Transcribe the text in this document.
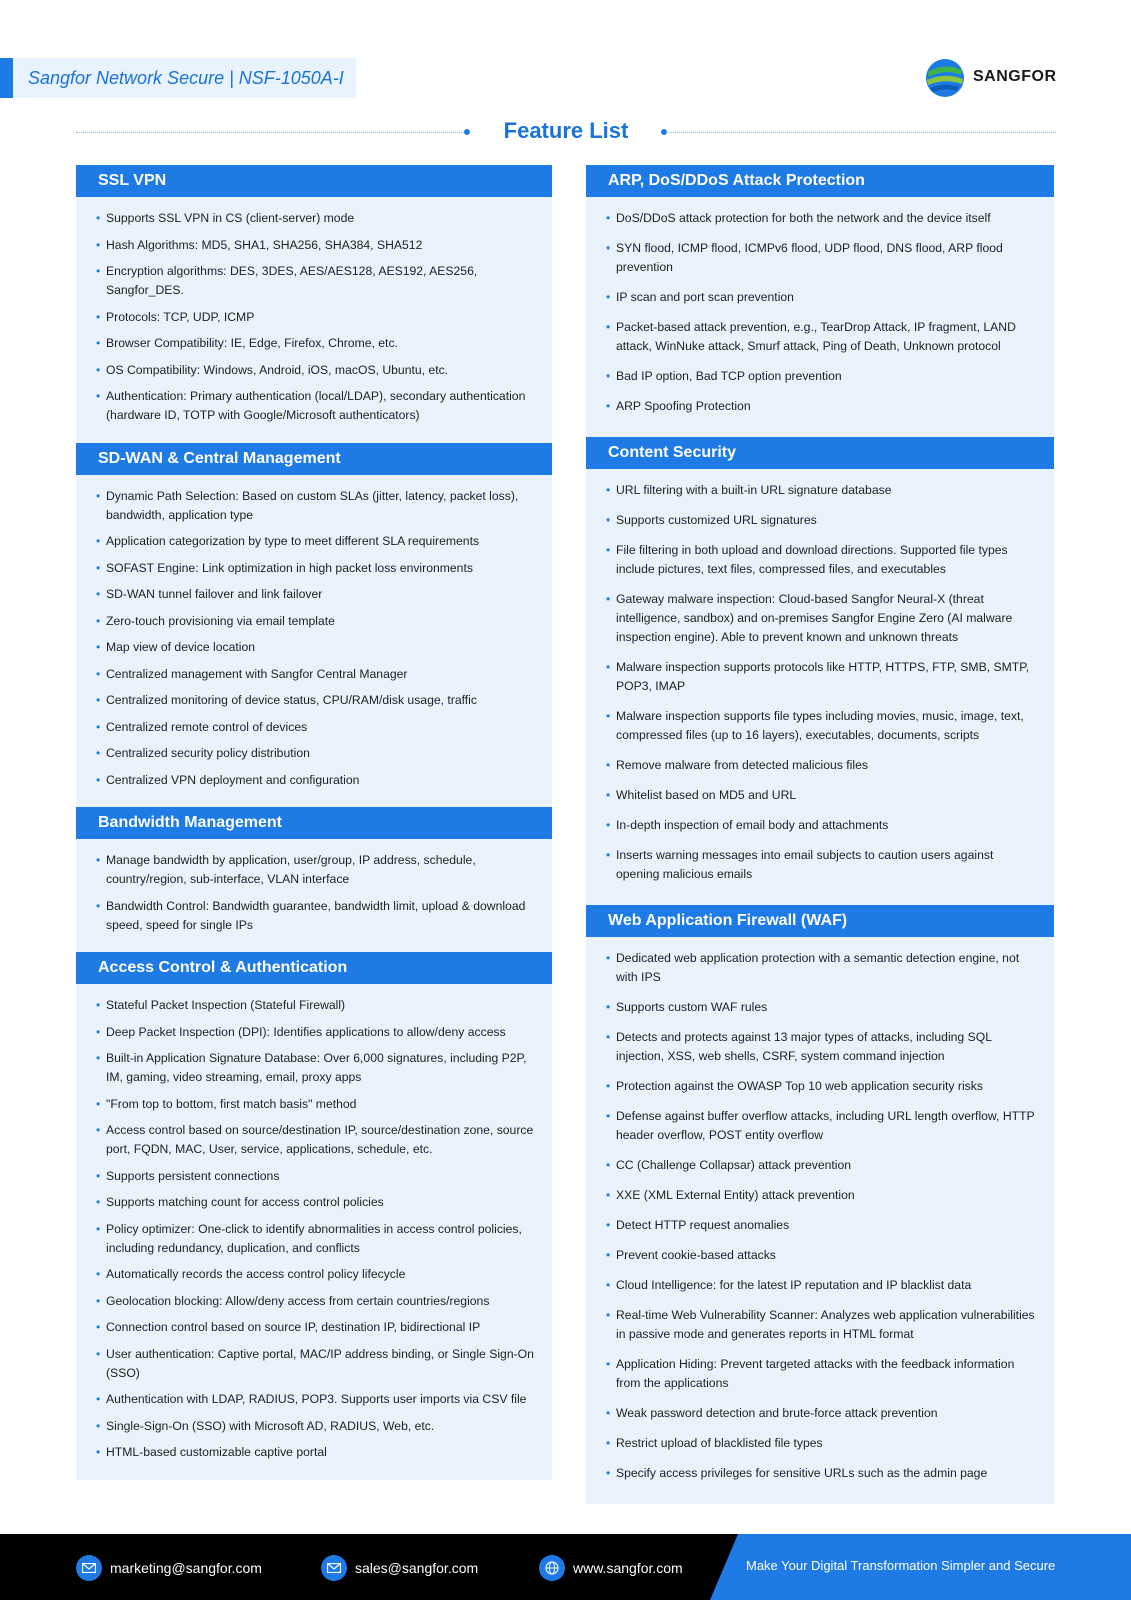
Sangfor Network Secure | NSF-1050A-I	SANGFOR
Feature List
SSL VPN
• Supports SSL VPN in CS (client-server) mode
• Hash Algorithms: MD5, SHA1, SHA256, SHA384, SHA512
• Encryption algorithms: DES, 3DES, AES/AES128, AES192, AES256, Sangfor_DES.
• Protocols: TCP, UDP, ICMP
• Browser Compatibility: IE, Edge, Firefox, Chrome, etc.
• OS Compatibility: Windows, Android, iOS, macOS, Ubuntu, etc.
• Authentication: Primary authentication (local/LDAP), secondary authentication (hardware ID, TOTP with Google/Microsoft authenticators)
SD-WAN & Central Management
• Dynamic Path Selection: Based on custom SLAs (jitter, latency, packet loss), bandwidth, application type
• Application categorization by type to meet different SLA requirements
• SOFAST Engine: Link optimization in high packet loss environments
• SD-WAN tunnel failover and link failover
• Zero-touch provisioning via email template
• Map view of device location
• Centralized management with Sangfor Central Manager
• Centralized monitoring of device status, CPU/RAM/disk usage, traffic
• Centralized remote control of devices
• Centralized security policy distribution
• Centralized VPN deployment and configuration
Bandwidth Management
• Manage bandwidth by application, user/group, IP address, schedule, country/region, sub-interface, VLAN interface
• Bandwidth Control: Bandwidth guarantee, bandwidth limit, upload & download speed, speed for single IPs
Access Control & Authentication
• Stateful Packet Inspection (Stateful Firewall)
• Deep Packet Inspection (DPI): Identifies applications to allow/deny access
• Built-in Application Signature Database: Over 6,000 signatures, including P2P, IM, gaming, video streaming, email, proxy apps
• "From top to bottom, first match basis" method
• Access control based on source/destination IP, source/destination zone, source port, FQDN, MAC, User, service, applications, schedule, etc.
• Supports persistent connections
• Supports matching count for access control policies
• Policy optimizer: One-click to identify abnormalities in access control policies, including redundancy, duplication, and conflicts
• Automatically records the access control policy lifecycle
• Geolocation blocking: Allow/deny access from certain countries/regions
• Connection control based on source IP, destination IP, bidirectional IP
• User authentication: Captive portal, MAC/IP address binding, or Single Sign-On (SSO)
• Authentication with LDAP, RADIUS, POP3. Supports user imports via CSV file
• Single-Sign-On (SSO) with Microsoft AD, RADIUS, Web, etc.
• HTML-based customizable captive portal
ARP, DoS/DDoS Attack Protection
• DoS/DDoS attack protection for both the network and the device itself
• SYN flood, ICMP flood, ICMPv6 flood, UDP flood, DNS flood, ARP flood prevention
• IP scan and port scan prevention
• Packet-based attack prevention, e.g., TearDrop Attack, IP fragment, LAND attack, WinNuke attack, Smurf attack, Ping of Death, Unknown protocol
• Bad IP option, Bad TCP option prevention
• ARP Spoofing Protection
Content Security
• URL filtering with a built-in URL signature database
• Supports customized URL signatures
• File filtering in both upload and download directions. Supported file types include pictures, text files, compressed files, and executables
• Gateway malware inspection: Cloud-based Sangfor Neural-X (threat intelligence, sandbox) and on-premises Sangfor Engine Zero (AI malware inspection engine). Able to prevent known and unknown threats
• Malware inspection supports protocols like HTTP, HTTPS, FTP, SMB, SMTP, POP3, IMAP
• Malware inspection supports file types including movies, music, image, text, compressed files (up to 16 layers), executables, documents, scripts
• Remove malware from detected malicious files
• Whitelist based on MD5 and URL
• In-depth inspection of email body and attachments
• Inserts warning messages into email subjects to caution users against opening malicious emails
Web Application Firewall (WAF)
• Dedicated web application protection with a semantic detection engine, not with IPS
• Supports custom WAF rules
• Detects and protects against 13 major types of attacks, including SQL injection, XSS, web shells, CSRF, system command injection
• Protection against the OWASP Top 10 web application security risks
• Defense against buffer overflow attacks, including URL length overflow, HTTP header overflow, POST entity overflow
• CC (Challenge Collapsar) attack prevention
• XXE (XML External Entity) attack prevention
• Detect HTTP request anomalies
• Prevent cookie-based attacks
• Cloud Intelligence: for the latest IP reputation and IP blacklist data
• Real-time Web Vulnerability Scanner: Analyzes web application vulnerabilities in passive mode and generates reports in HTML format
• Application Hiding: Prevent targeted attacks with the feedback information from the applications
• Weak password detection and brute-force attack prevention
• Restrict upload of blacklisted file types
• Specify access privileges for sensitive URLs such as the admin page
marketing@sangfor.com	sales@sangfor.com	www.sangfor.com	Make Your Digital Transformation Simpler and Secure
